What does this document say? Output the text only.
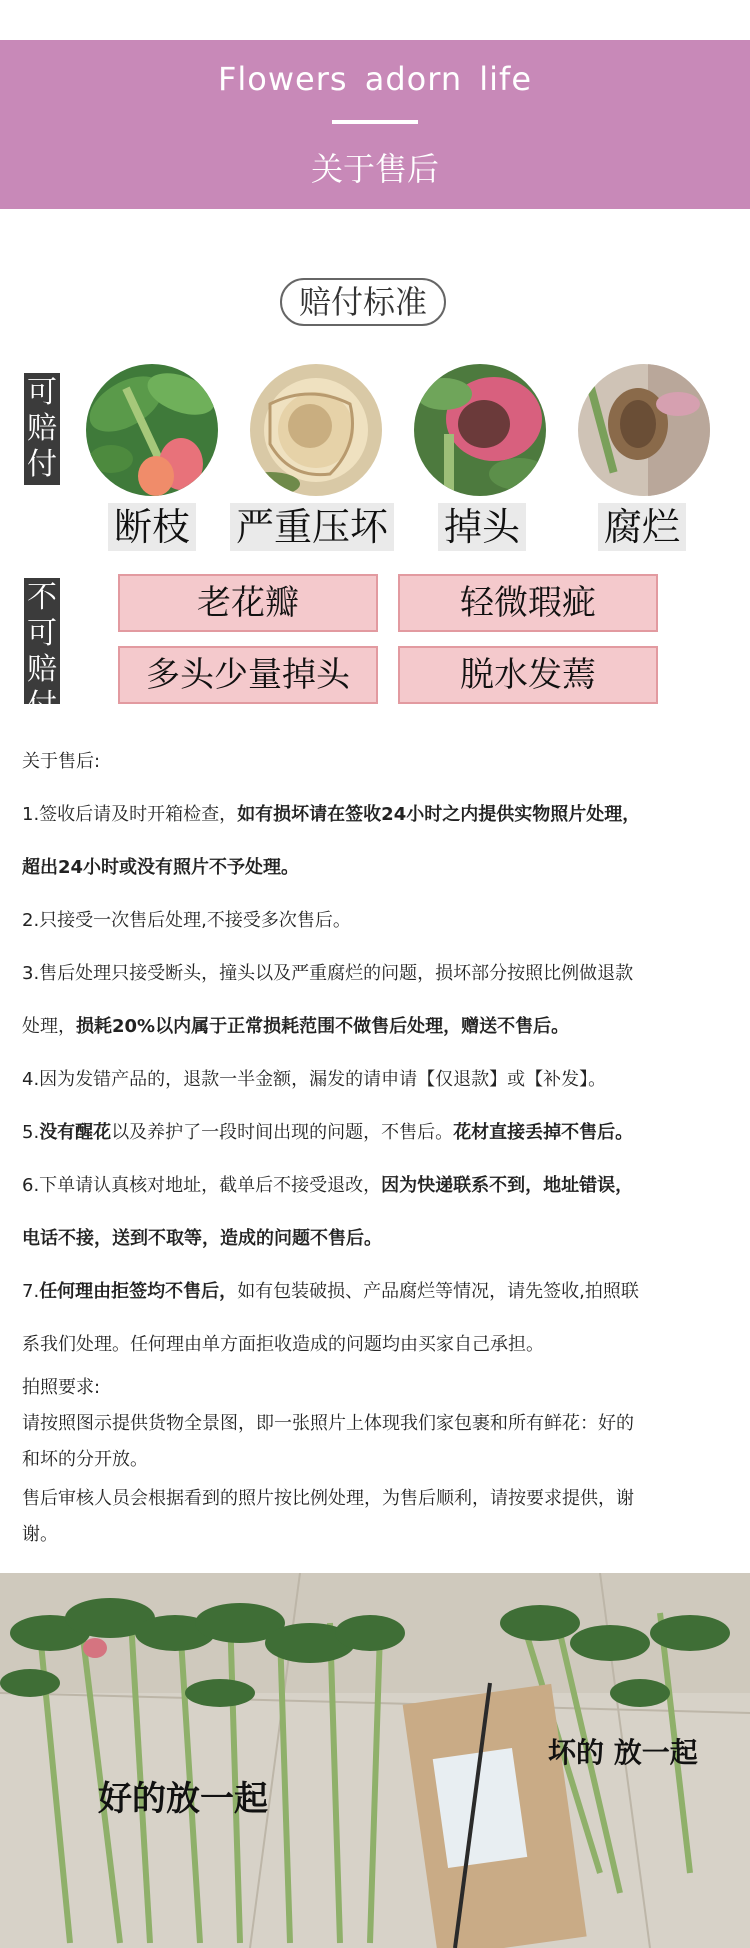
Flowers adorn life
关于售后
赔付标准
可
赔
付
断枝 严重压坏 掉头 腐烂
不
可
赔
付
老花瓣	轻微瑕疵
多头少量掉头	脱水发蔫
关于售后:
1.签收后请及时开箱检查，如有损坏请在签收24小时之内提供实物照片处理，
超出24小时或没有照片不予处理。
2.只接受一次售后处理,不接受多次售后。
3.售后处理只接受断头，撞头以及严重腐烂的问题，损坏部分按照比例做退款
处理，损耗20%以内属于正常损耗范围不做售后处理，赠送不售后。
4.因为发错产品的，退款一半金额，漏发的请申请【仅退款】或【补发】。
5.没有醒花以及养护了一段时间出现的问题，不售后。花材直接丢掉不售后。
6.下单请认真核对地址，截单后不接受退改，因为快递联系不到，地址错误，
电话不接，送到不取等，造成的问题不售后。
7.任何理由拒签均不售后，如有包装破损、产品腐烂等情况，请先签收,拍照联
系我们处理。任何理由单方面拒收造成的问题均由买家自己承担。
拍照要求:
请按照图示提供货物全景图，即一张照片上体现我们家包裹和所有鲜花：好的
和坏的分开放。
售后审核人员会根据看到的照片按比例处理，为售后顺利，请按要求提供，谢
谢。
好的放一起
坏的 放一起
